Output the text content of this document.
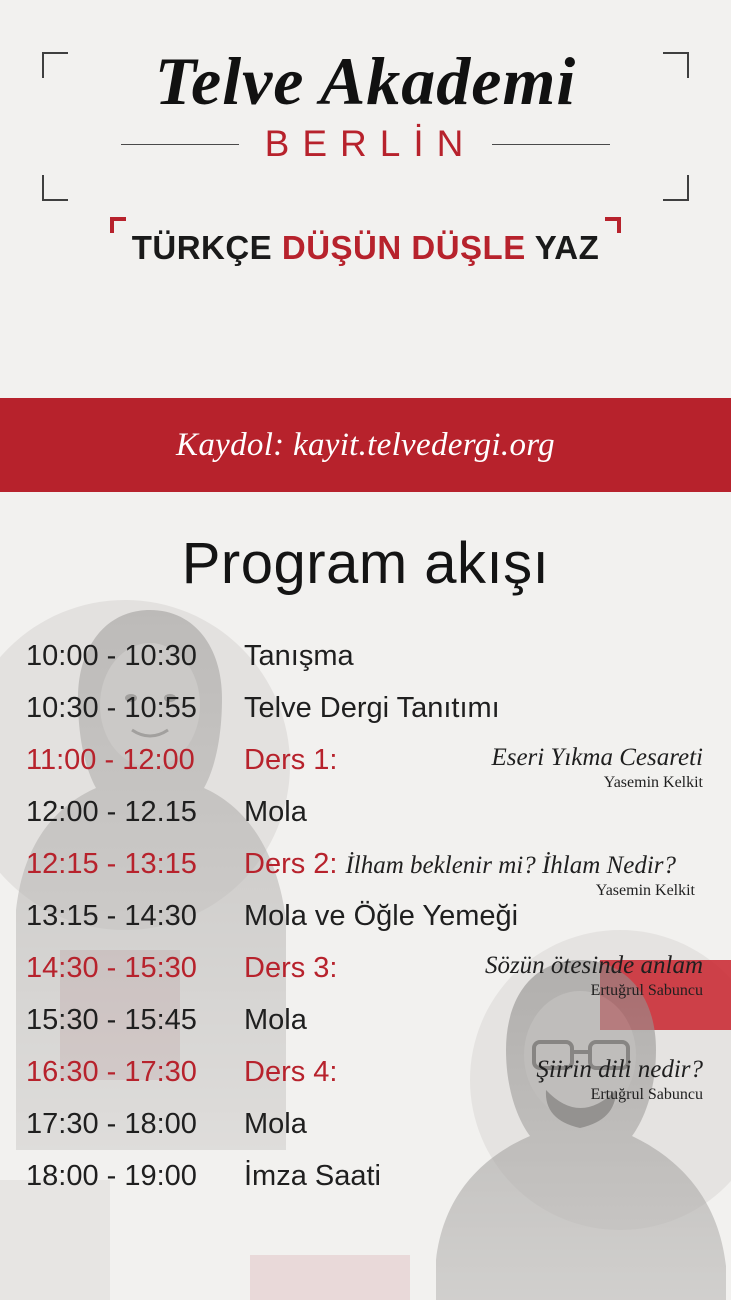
Telve Akademi
BERLİN

TÜRKÇE DÜŞÜN DÜŞLE YAZ
Kaydol: kayit.telvedergi.org
Program akışı
10:00 - 10:30	Tanışma
10:30 - 10:55	Telve Dergi Tanıtımı
11:00 - 12:00	Ders 1:	Eseri Yıkma Cesareti
Yasemin Kelkit
12:00 - 12.15	Mola
12:15 - 13:15	Ders 2: İlham beklenir mi? İhlam Nedir?
Yasemin Kelkit
13:15 - 14:30	Mola ve Öğle Yemeği
14:30 - 15:30	Ders 3:	Sözün ötesinde anlam
Ertuğrul Sabuncu
15:30 - 15:45	Mola
16:30 - 17:30	Ders 4:	Şiirin dili nedir?
Ertuğrul Sabuncu
17:30 - 18:00	Mola
18:00 - 19:00	İmza Saati
